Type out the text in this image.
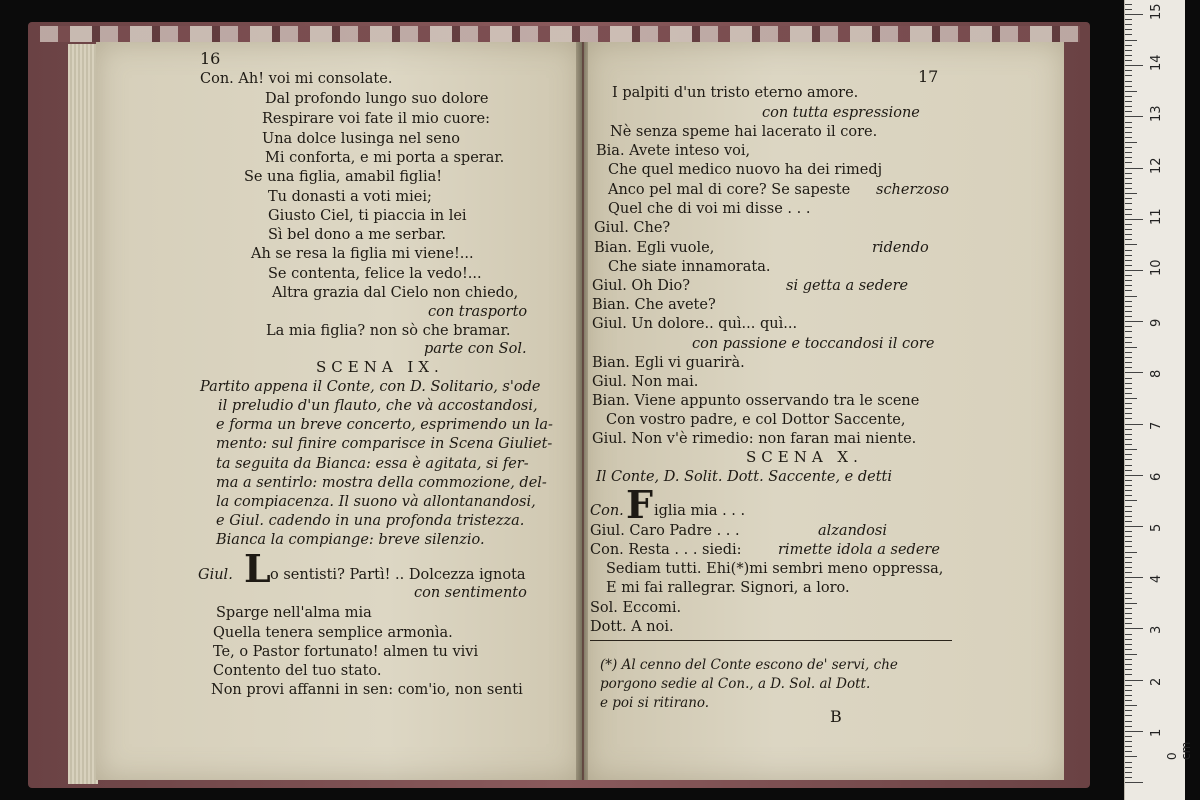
16
Con. Ah! voi mi consolate.
Dal profondo lungo suo dolore
Respirare voi fate il mio cuore:
Una dolce lusinga nel seno
Mi conforta, e mi porta a sperar.
Se una figlia, amabil figlia!
Tu donasti a voti miei;
Giusto Ciel, ti piaccia in lei
Sì bel dono a me serbar.
Ah se resa la figlia mi viene!...
Se contenta, felice la vedo!...
Altra grazia dal Cielo non chiedo,
con trasporto
La mia figlia? non sò che bramar.
parte con Sol.
SCENA IX.
Partito appena il Conte, con D. Solitario, s'ode
il preludio d'un flauto, che và accostandosi,
e forma un breve concerto, esprimendo un la-
mento: sul finire comparisce in Scena Giuliet-
ta seguita da Bianca: essa è agitata, si fer-
ma a sentirlo: mostra della commozione, del-
la compiacenza. Il suono và allontanandosi,
e Giul. cadendo in una profonda tristezza.
Bianca la compiange: breve silenzio.
Giul. L o sentisti? Partì! .. Dolcezza ignota
con sentimento
Sparge nell'alma mia
Quella tenera semplice armonìa.
Te, o Pastor fortunato! almen tu vivi
Contento del tuo stato.
Non provi affanni in sen: com'io, non senti
17
I palpiti d'un tristo eterno amore.
con tutta espressione
Nè senza speme hai lacerato il core.
Bia. Avete inteso voi,
Che quel medico nuovo ha dei rimedj
Anco pel mal di core? Se sapeste scherzoso
Quel che di voi mi disse . . .
Giul. Che?
Bian. Egli vuole,	ridendo
Che siate innamorata.
Giul. Oh Dio?	si getta a sedere
Bian. Che avete?
Giul. Un dolore.. quì... quì...
con passione e toccandosi il core
Bian. Egli vi guarirà.
Giul. Non mai.
Bian. Viene appunto osservando tra le scene
Con vostro padre, e col Dottor Saccente,
Giul. Non v'è rimedio: non faran mai niente.
SCENA X.
Il Conte, D. Solit. Dott. Saccente, e detti
Con. F iglia mia . . .
Giul. Caro Padre . . .	alzandosi
Con. Resta . . . siedi:	rimette idola a sedere
Sediam tutti. Ehi(*)mi sembri meno oppressa,
E mi fai rallegrar. Signori, a loro.
Sol. Eccomi.
Dott. A noi.
(*) Al cenno del Conte escono de' servi, che
porgono sedie al Con., a D. Sol. al Dott.
e poi si ritirano.
B
0 cm
1
2
3
4
5
6
7
8
9
10
11
12
13
14
15
